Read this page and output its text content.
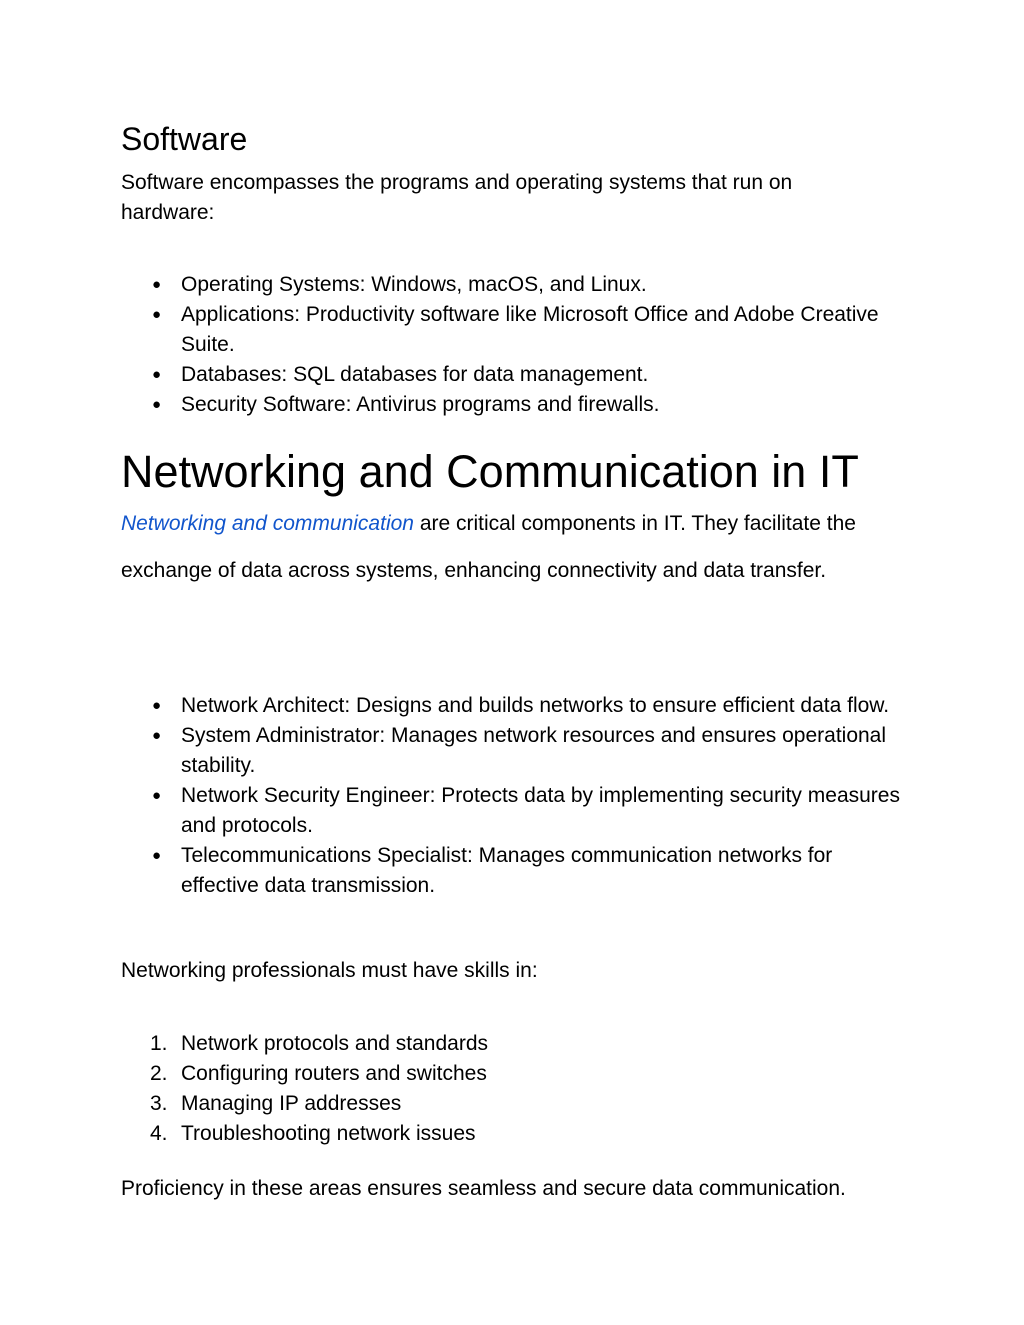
Software

Software encompasses the programs and operating systems that run on hardware:

● Operating Systems: Windows, macOS, and Linux.
● Applications: Productivity software like Microsoft Office and Adobe Creative Suite.
● Databases: SQL databases for data management.
● Security Software: Antivirus programs and firewalls.
Networking and Communication in IT

Networking and communication are critical components in IT. They facilitate the exchange of data across systems, enhancing connectivity and data transfer.

● Network Architect: Designs and builds networks to ensure efficient data flow.
● System Administrator: Manages network resources and ensures operational stability.
● Network Security Engineer: Protects data by implementing security measures and protocols.
● Telecommunications Specialist: Manages communication networks for effective data transmission.

Networking professionals must have skills in:

1. Network protocols and standards
2. Configuring routers and switches
3. Managing IP addresses
4. Troubleshooting network issues

Proficiency in these areas ensures seamless and secure data communication.
